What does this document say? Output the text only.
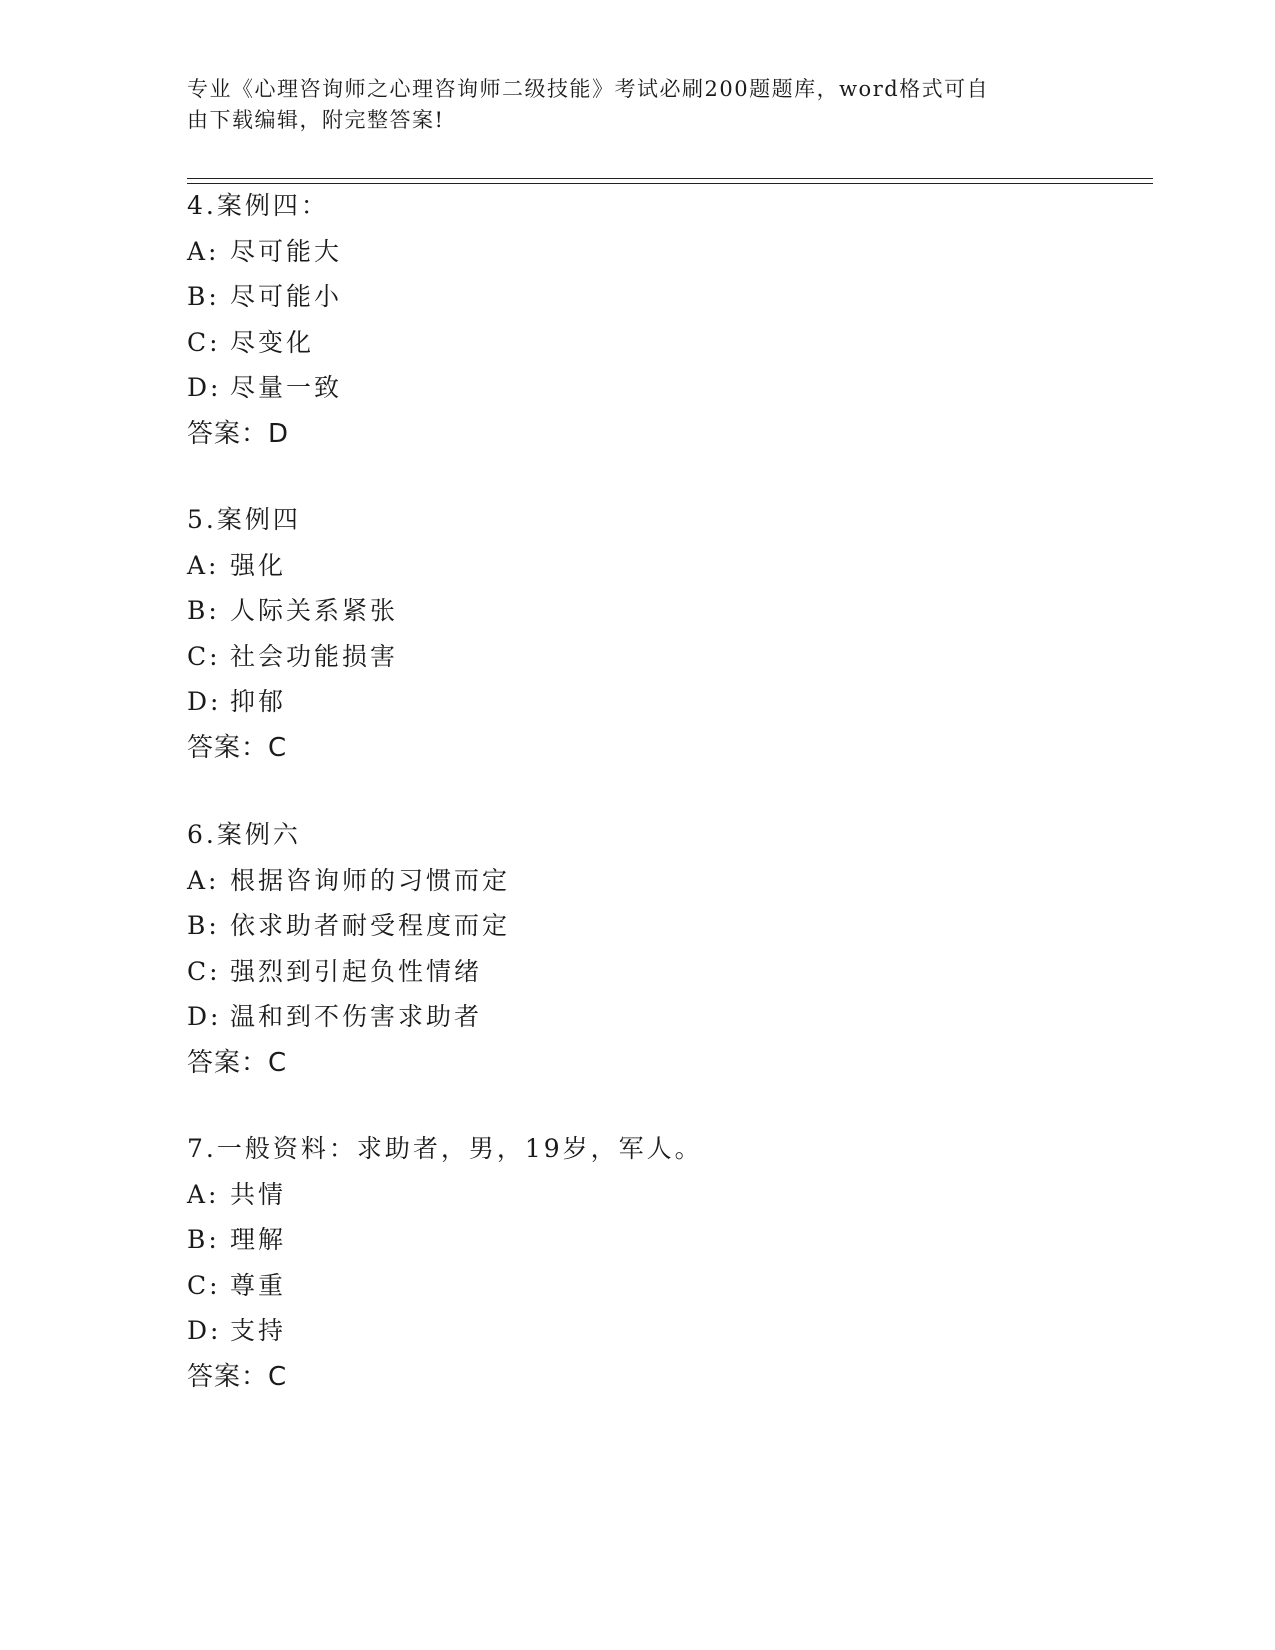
专业《心理咨询师之心理咨询师二级技能》考试必刷200题题库，word格式可自
由下载编辑，附完整答案!
4.案例四：
A: 尽可能大
B: 尽可能小
C: 尽变化
D: 尽量一致
答案：D
5.案例四
A: 强化
B: 人际关系紧张
C: 社会功能损害
D: 抑郁
答案：C
6.案例六
A: 根据咨询师的习惯而定
B: 依求助者耐受程度而定
C: 强烈到引起负性情绪
D: 温和到不伤害求助者
答案：C
7.一般资料：求助者，男，19岁，军人。
A: 共情
B: 理解
C: 尊重
D: 支持
答案：C
